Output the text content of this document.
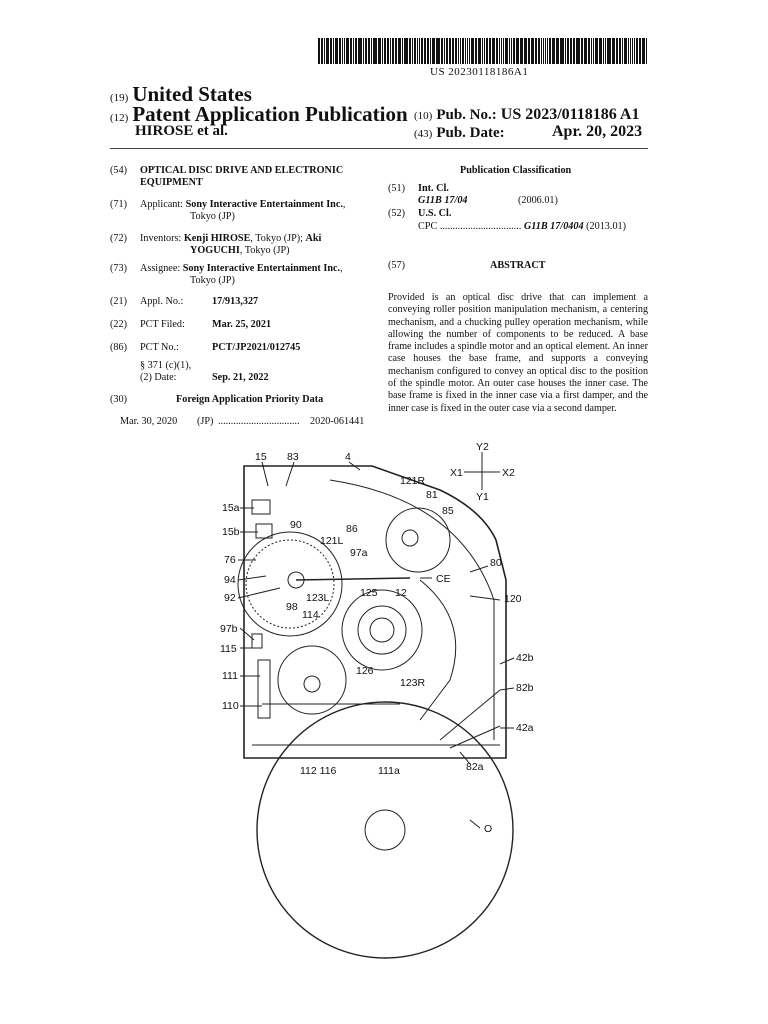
US 20230118186A1
(19) United States
(12) Patent Application Publication
HIROSE et al.
(10) Pub. No.: US 2023/0118186 A1
(43) Pub. Date:	Apr. 20, 2023
(54) OPTICAL DISC DRIVE AND ELECTRONIC
EQUIPMENT
(71) Applicant: Sony Interactive Entertainment Inc.,
Tokyo (JP)
(72) Inventors: Kenji HIROSE, Tokyo (JP); Aki
YOGUCHI, Tokyo (JP)
(73) Assignee: Sony Interactive Entertainment Inc.,
Tokyo (JP)
(21) Appl. No.:	17/913,327
(22) PCT Filed:	Mar. 25, 2021
(86) PCT No.:	PCT/JP2021/012745
§ 371 (c)(1),
(2) Date:	Sep. 21, 2022
(30)	Foreign Application Priority Data
Mar. 30, 2020 (JP) ................................ 2020-061441
Publication Classification
(51) Int. Cl.
G11B 17/04	(2006.01)
(52) U.S. Cl.
CPC ................................ G11B 17/0404 (2013.01)
(57)	ABSTRACT
Provided is an optical disc drive that can implement a conveying roller position manipulation mechanism, a centering mechanism, and a chucking pulley operation mechanism, while allowing the number of components to be reduced. A base frame includes a spindle motor and an optical element. An inner case houses the base frame, and supports a conveying mechanism configured to convey an optical disc to the position of the spindle motor. An outer case houses the inner case. The base frame is fixed in the inner case via a first damper, and the inner case is fixed in the outer case via a second damper.
Y2
Y1
X1	X2
15 83	4
121R
81
85
15a
15b
90	86
121L
97a
76
94	CE
80
92	123L	125 12	120
98
114
97b
115
42b
111	126
82b
123R
110
42a
112 116	111a	82a
O
